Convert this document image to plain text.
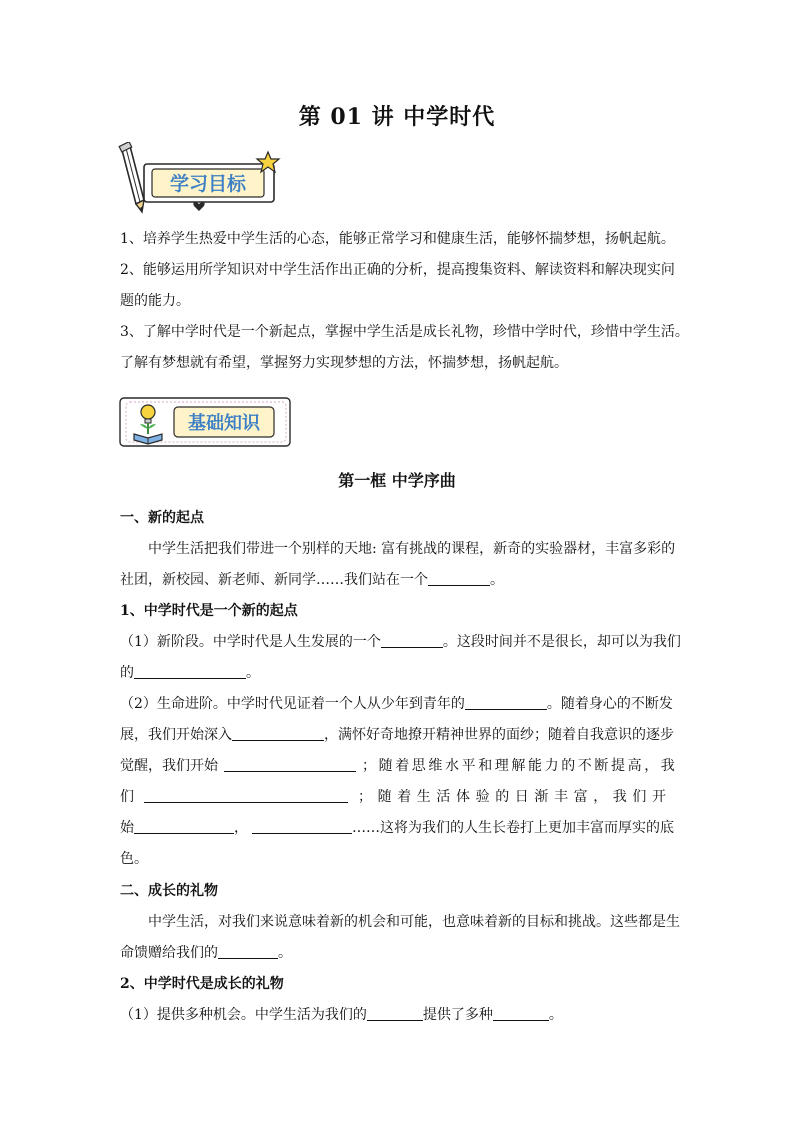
第 01 讲 中学时代
学习目标
1、培养学生热爱中学生活的心态，能够正常学习和健康生活，能够怀揣梦想，扬帆起航。
2、能够运用所学知识对中学生活作出正确的分析，提高搜集资料、解读资料和解决现实问
题的能力。
3、了解中学时代是一个新起点，掌握中学生活是成长礼物，珍惜中学时代，珍惜中学生活。
了解有梦想就有希望，掌握努力实现梦想的方法，怀揣梦想，扬帆起航。
基础知识
第一框 中学序曲
一、新的起点
中学生活把我们带进一个别样的天地: 富有挑战的课程，新奇的实验器材，丰富多彩的
社团，新校园、新老师、新同学……我们站在一个	。
1、中学时代是一个新的起点
（1）新阶段。中学时代是人生发展的一个	。这段时间并不是很长，却可以为我们
的	。
（2）生命进阶。中学时代见证着一个人从少年到青年的	。随着身心的不断发
展，我们开始深入	，满怀好奇地撩开精神世界的面纱；随着自我意识的逐步
觉醒，我们开始	；随着思维水平和理解能力的不断提高，我
们	；随着生活体验的日渐丰富，我们开
始	，	……这将为我们的人生长卷打上更加丰富而厚实的底
色。
二、成长的礼物
中学生活，对我们来说意味着新的机会和可能，也意味着新的目标和挑战。这些都是生
命馈赠给我们的	。
2、中学时代是成长的礼物
（1）提供多种机会。中学生活为我们的	提供了多种	。
